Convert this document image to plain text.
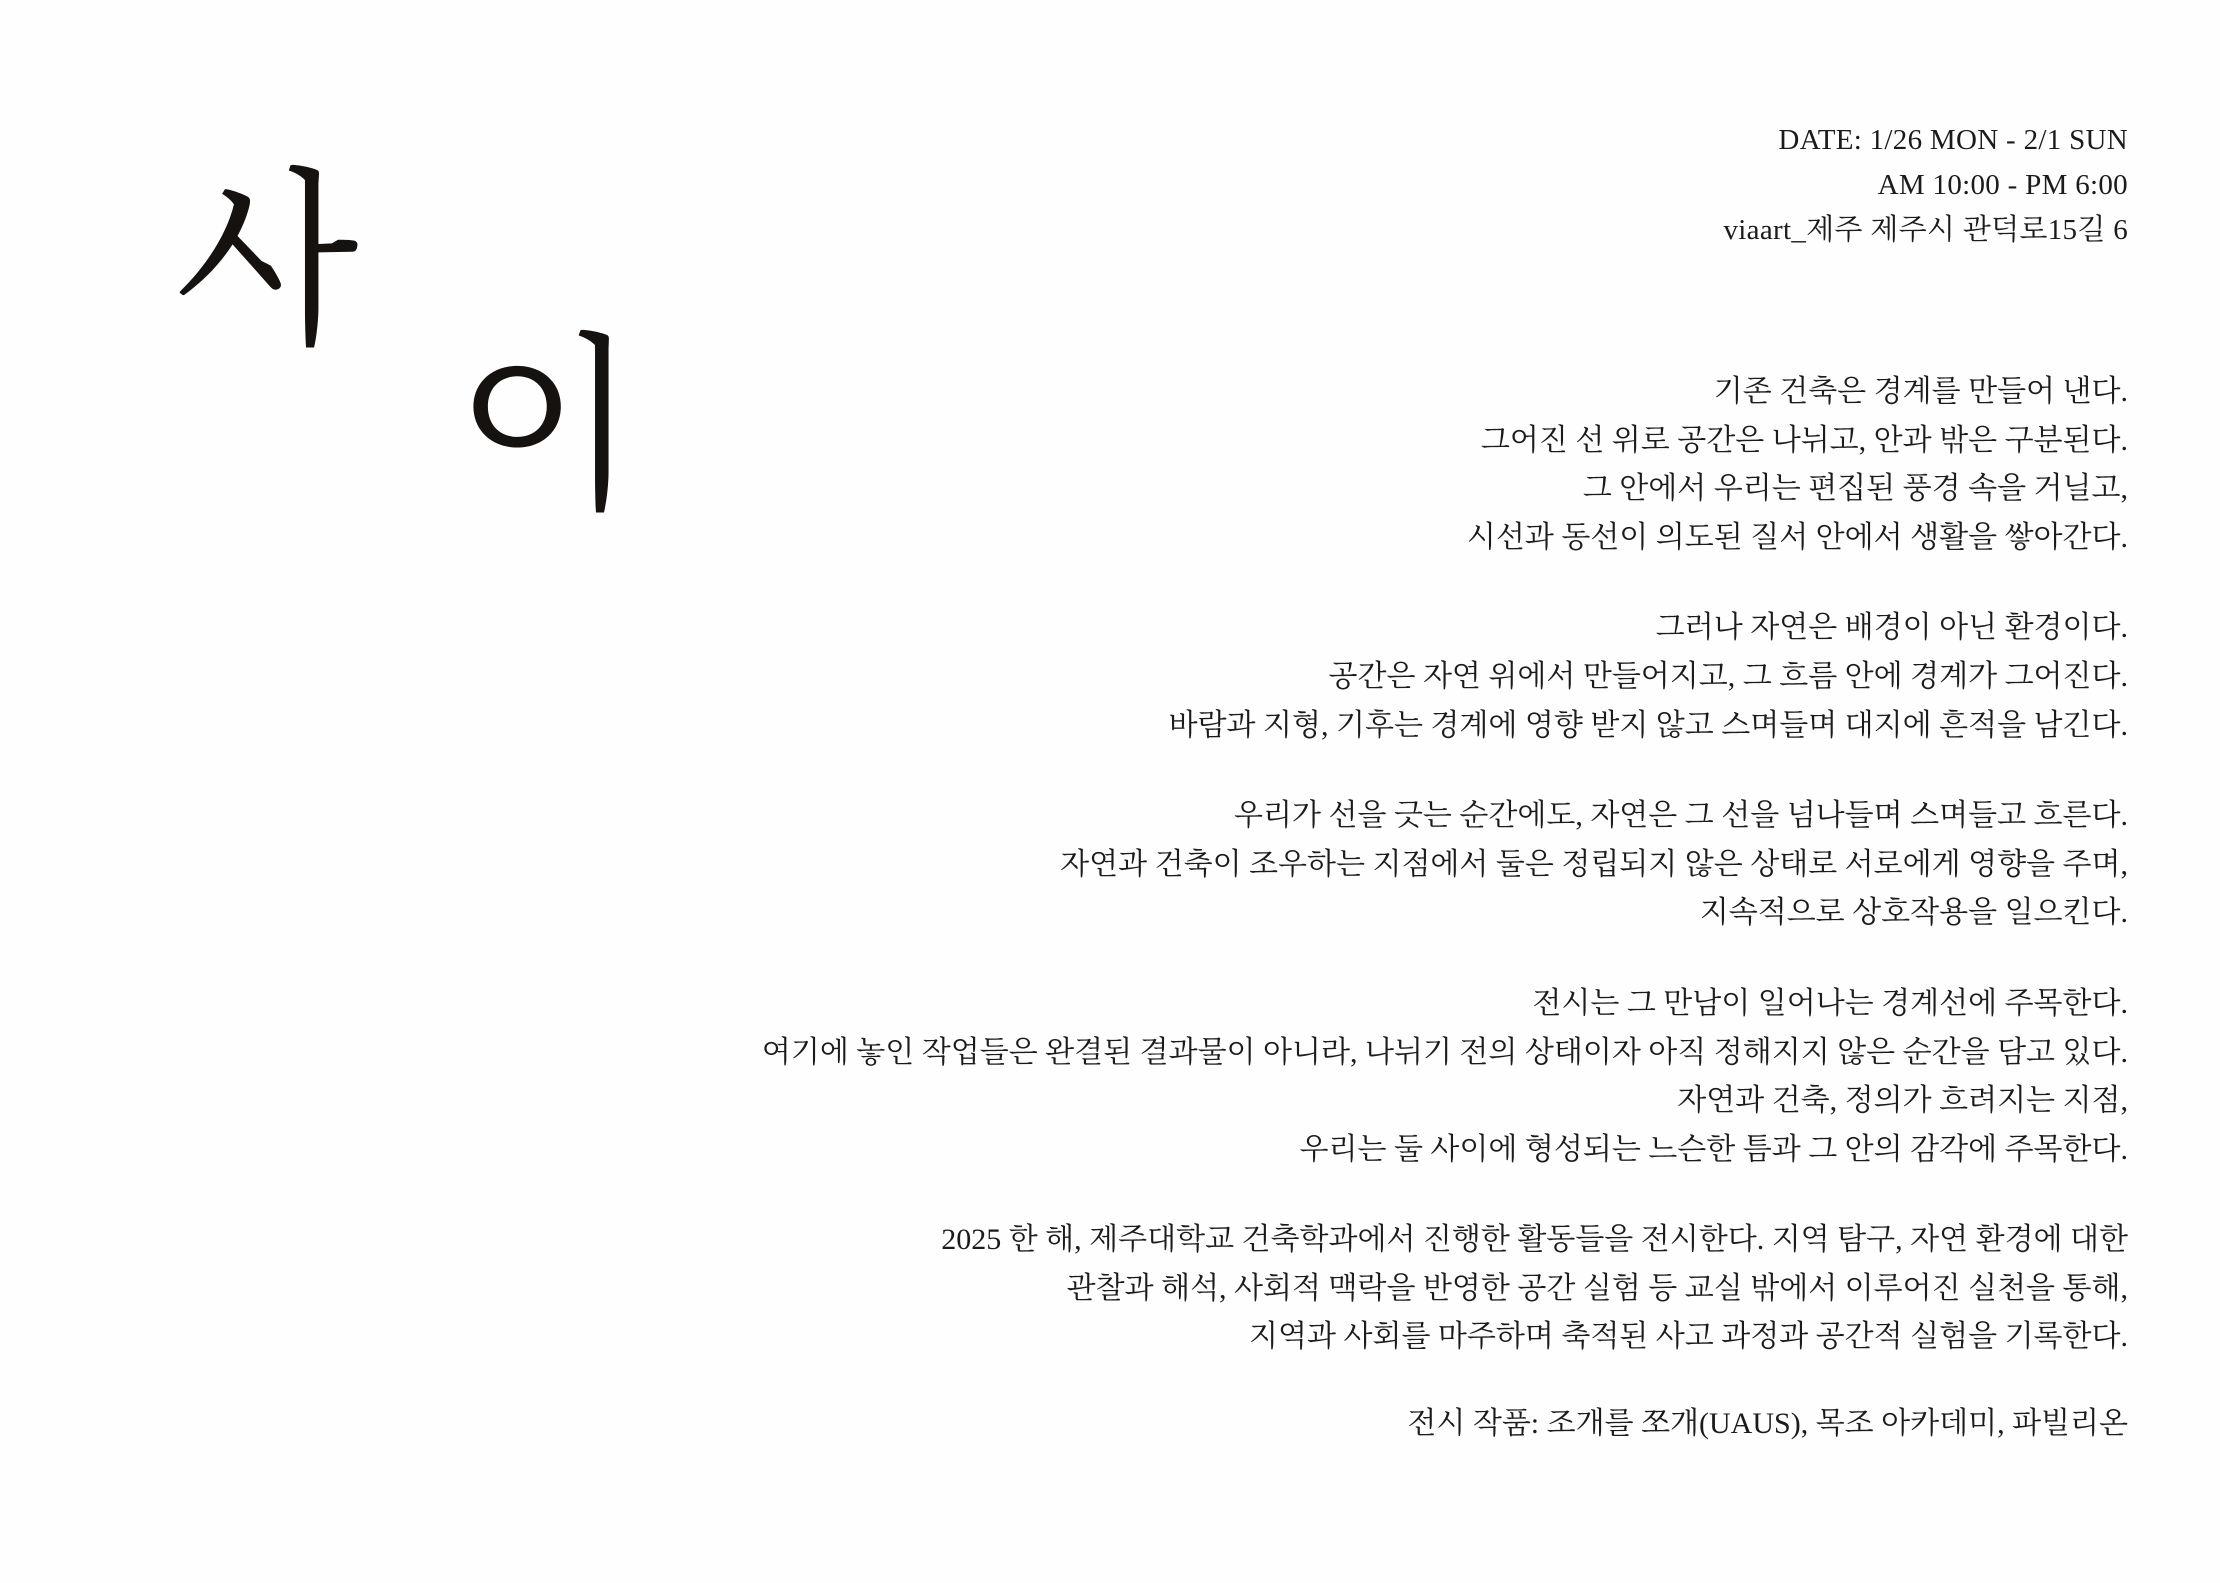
DATE: 1/26 MON - 2/1 SUN
AM 10:00 - PM 6:00
viaart_제주 제주시 관덕로15길 6
사
이	기존 건축은 경계를 만들어 낸다.
그어진 선 위로 공간은 나뉘고, 안과 밖은 구분된다.
그 안에서 우리는 편집된 풍경 속을 거닐고,
시선과 동선이 의도된 질서 안에서 생활을 쌓아간다.

그러나 자연은 배경이 아닌 환경이다.
공간은 자연 위에서 만들어지고, 그 흐름 안에 경계가 그어진다.
바람과 지형, 기후는 경계에 영향 받지 않고 스며들며 대지에 흔적을 남긴다.

우리가 선을 긋는 순간에도, 자연은 그 선을 넘나들며 스며들고 흐른다.
자연과 건축이 조우하는 지점에서 둘은 정립되지 않은 상태로 서로에게 영향을 주며,
지속적으로 상호작용을 일으킨다.

전시는 그 만남이 일어나는 경계선에 주목한다.
여기에 놓인 작업들은 완결된 결과물이 아니라, 나뉘기 전의 상태이자 아직 정해지지 않은 순간을 담고 있다.
자연과 건축, 정의가 흐려지는 지점,
우리는 둘 사이에 형성되는 느슨한 틈과 그 안의 감각에 주목한다.

2025 한 해, 제주대학교 건축학과에서 진행한 활동들을 전시한다. 지역 탐구, 자연 환경에 대한
관찰과 해석, 사회적 맥락을 반영한 공간 실험 등 교실 밖에서 이루어진 실천을 통해,
지역과 사회를 마주하며 축적된 사고 과정과 공간적 실험을 기록한다.
전시 작품: 조개를 쪼개(UAUS), 목조 아카데미, 파빌리온
